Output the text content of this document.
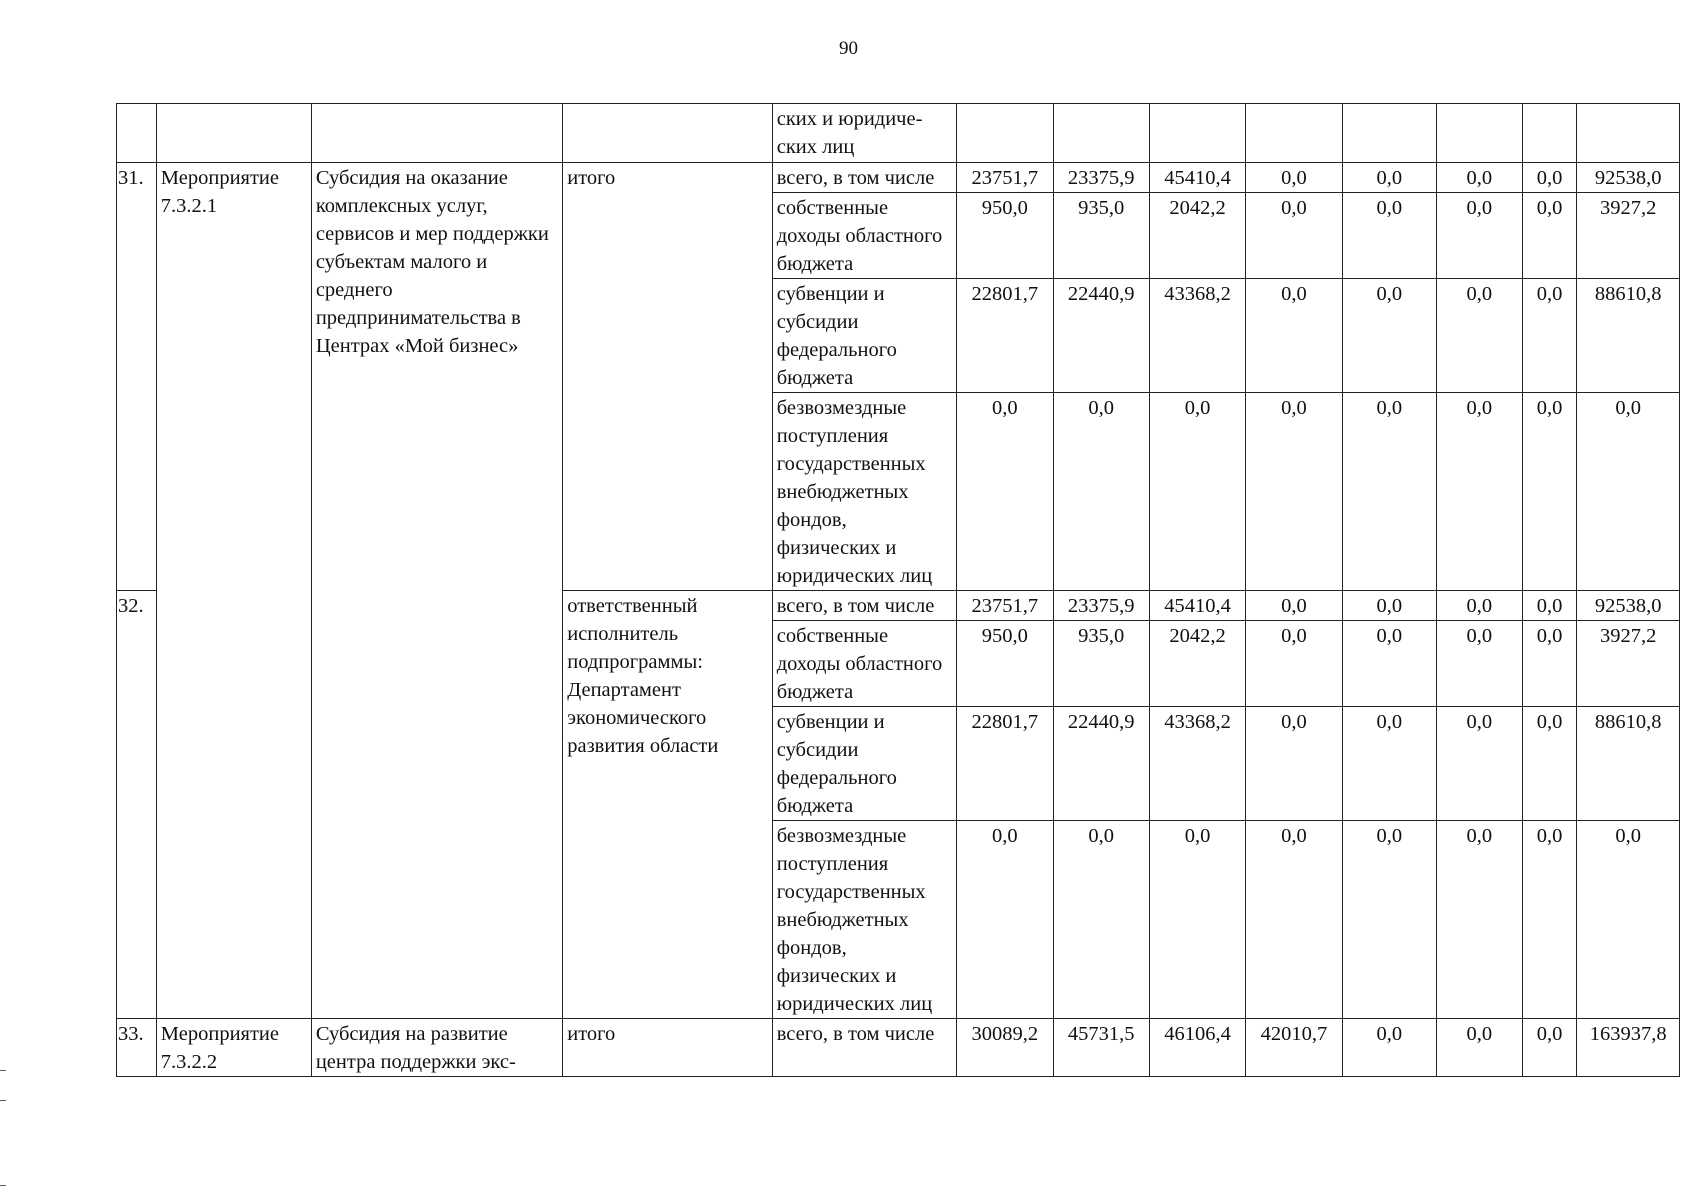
90
				ских и юридиче-ских лиц								
31.	Мероприятие 7.3.2.1	Субсидия на оказание комплексных услуг, сервисов и мер поддержки субъектам малого и среднего предпринимательства в Центрах «Мой бизнес»	итого	всего, в том числе	23751,7	23375,9	45410,4	0,0	0,0	0,0	0,0	92538,0
				собственные доходы областного бюджета	950,0	935,0	2042,2	0,0	0,0	0,0	0,0	3927,2
				субвенции и субсидии федерального бюджета	22801,7	22440,9	43368,2	0,0	0,0	0,0	0,0	88610,8
				безвозмездные поступления государственных внебюджетных фондов, физических и юридических лиц	0,0	0,0	0,0	0,0	0,0	0,0	0,0	0,0
32.			ответственный исполнитель подпрограммы: Департамент экономического развития области	всего, в том числе	23751,7	23375,9	45410,4	0,0	0,0	0,0	0,0	92538,0
				собственные доходы областного бюджета	950,0	935,0	2042,2	0,0	0,0	0,0	0,0	3927,2
				субвенции и субсидии федерального бюджета	22801,7	22440,9	43368,2	0,0	0,0	0,0	0,0	88610,8
				безвозмездные поступления государственных внебюджетных фондов, физических и юридических лиц	0,0	0,0	0,0	0,0	0,0	0,0	0,0	0,0
33.	Мероприятие 7.3.2.2	Субсидия на развитие центра поддержки экс-	итого	всего, в том числе	30089,2	45731,5	46106,4	42010,7	0,0	0,0	0,0	163937,8
